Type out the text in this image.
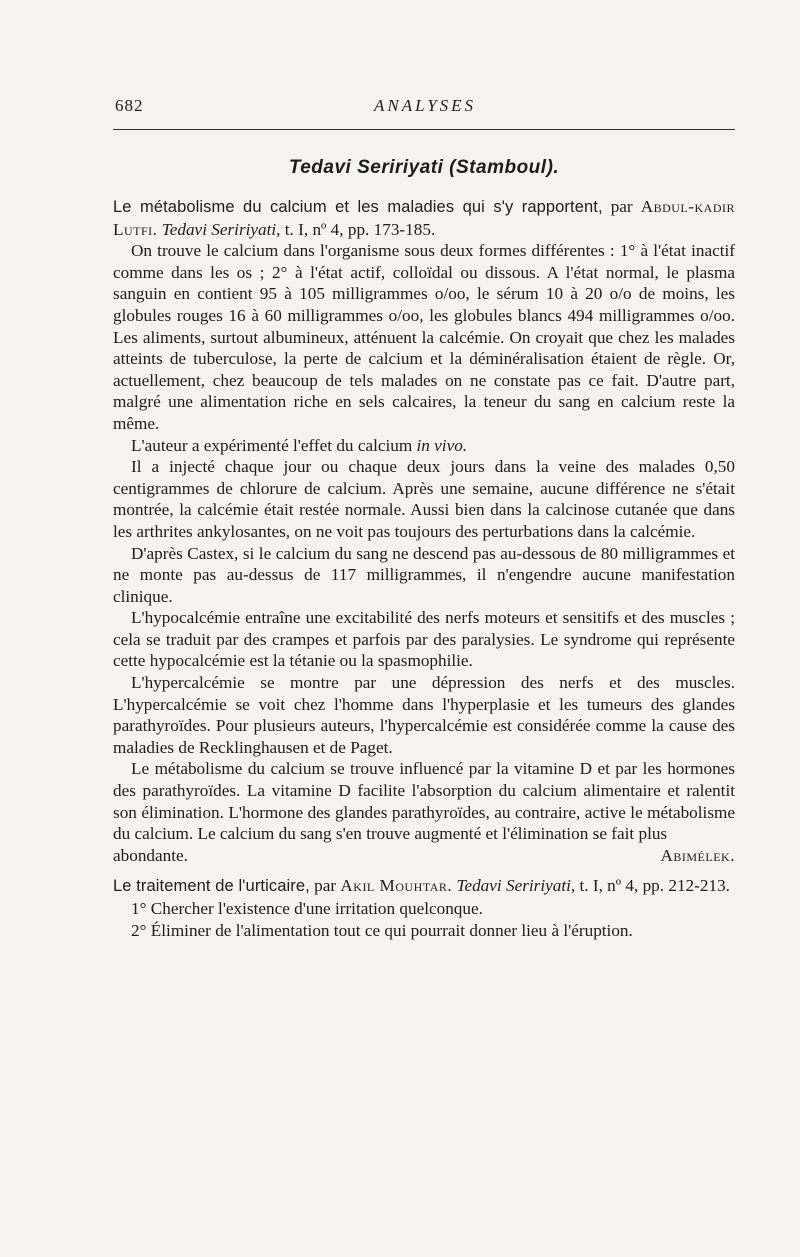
682	ANALYSES
Tedavi Seririyati (Stamboul).

Le métabolisme du calcium et les maladies qui s'y rapportent, par Abdul-kadir Lutfi. Tedavi Seririyati, t. I, nº 4, pp. 173-185.

On trouve le calcium dans l'organisme sous deux formes différentes : 1° à l'état inactif comme dans les os ; 2° à l'état actif, colloïdal ou dissous. A l'état normal, le plasma sanguin en contient 95 à 105 milligrammes o/oo, le sérum 10 à 20 o/o de moins, les globules rouges 16 à 60 milligrammes o/oo, les globules blancs 494 milligrammes o/oo. Les aliments, surtout albumineux, atténuent la calcémie. On croyait que chez les malades atteints de tuberculose, la perte de calcium et la déminéralisation étaient de règle. Or, actuellement, chez beaucoup de tels malades on ne constate pas ce fait. D'autre part, malgré une alimentation riche en sels calcaires, la teneur du sang en calcium reste la même.

L'auteur a expérimenté l'effet du calcium in vivo.

Il a injecté chaque jour ou chaque deux jours dans la veine des malades 0,50 centigrammes de chlorure de calcium. Après une semaine, aucune différence ne s'était montrée, la calcémie était restée normale. Aussi bien dans la calcinose cutanée que dans les arthrites ankylosantes, on ne voit pas toujours des perturbations dans la calcémie.

D'après Castex, si le calcium du sang ne descend pas au-dessous de 80 milligrammes et ne monte pas au-dessus de 117 milligrammes, il n'engendre aucune manifestation clinique.

L'hypocalcémie entraîne une excitabilité des nerfs moteurs et sensitifs et des muscles ; cela se traduit par des crampes et parfois par des paralysies. Le syndrome qui représente cette hypocalcémie est la tétanie ou la spasmophilie.

L'hypercalcémie se montre par une dépression des nerfs et des muscles. L'hypercalcémie se voit chez l'homme dans l'hyperplasie et les tumeurs des glandes parathyroïdes. Pour plusieurs auteurs, l'hypercalcémie est considérée comme la cause des maladies de Recklinghausen et de Paget.

Le métabolisme du calcium se trouve influencé par la vitamine D et par les hormones des parathyroïdes. La vitamine D facilite l'absorption du calcium alimentaire et ralentit son élimination. L'hormone des glandes parathyroïdes, au contraire, active le métabolisme du calcium. Le calcium du sang s'en trouve augmenté et l'élimination se fait plus

abondante.	Abimélek.

Le traitement de l'urticaire, par Akil Mouhtar. Tedavi Seririyati, t. I, nº 4, pp. 212-213.

1° Chercher l'existence d'une irritation quelconque.

2° Éliminer de l'alimentation tout ce qui pourrait donner lieu à l'éruption.
